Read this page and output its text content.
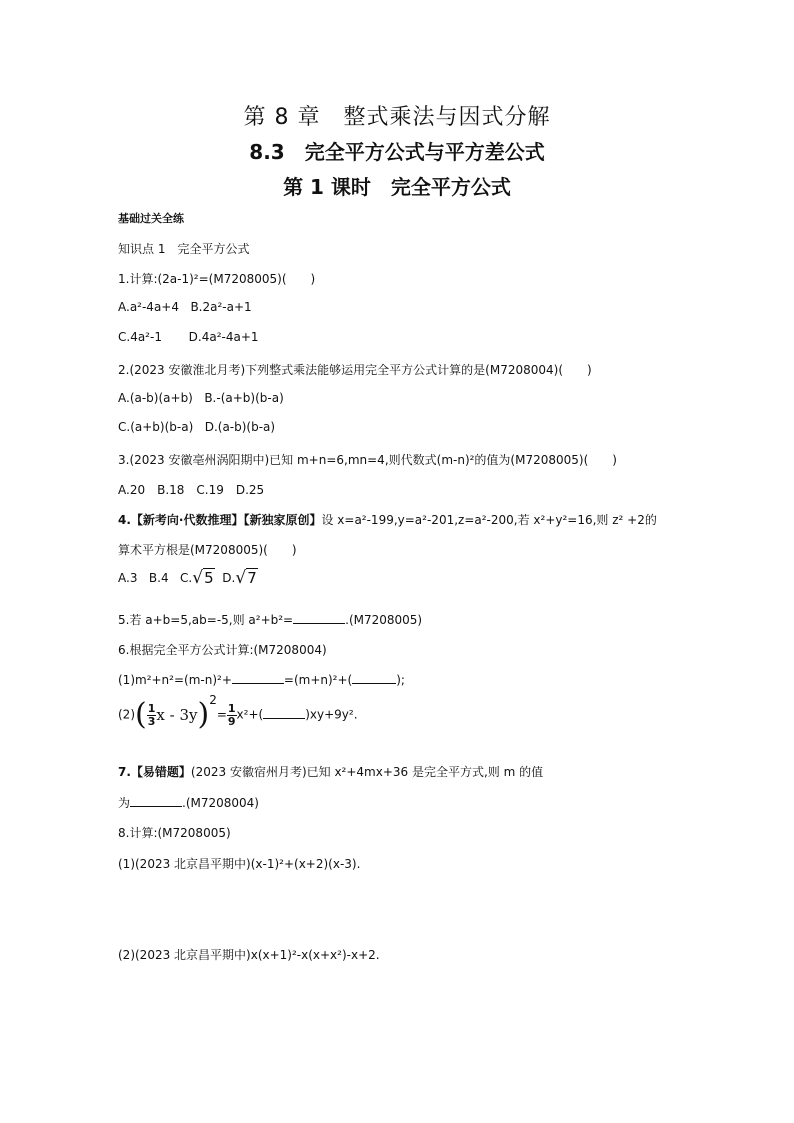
第 8 章　整式乘法与因式分解
8.3　完全平方公式与平方差公式
第 1 课时　完全平方公式
基础过关全练
知识点 1　完全平方公式
1.计算:(2a-1)²=(M7208005)(　　)
A.a²-4a+4 B.2a²-a+1
C.4a²-1 D.4a²-4a+1
2.(2023 安徽淮北月考)下列整式乘法能够运用完全平方公式计算的是(M7208004)(　　)
A.(a-b)(a+b) B.-(a+b)(b-a)
C.(a+b)(b-a) D.(a-b)(b-a)
3.(2023 安徽亳州涡阳期中)已知 m+n=6,mn=4,则代数式(m-n)²的值为(M7208005)(　　)
A.20　B.18　C.19　D.25
4.【新考向·代数推理】【新独家原创】设 x=a²-199,y=a²-201,z=a²-200,若 x²+y²=16,则 z² +2的
算术平方根是(M7208005)(　　)
A.3 B.4 C.√5 D.√7
5.若 a+b=5,ab=-5,则 a²+b²=	.(M7208005)
6.根据完全平方公式计算:(M7208004)
(1)m²+n²=(m-n)²+	=(m+n)²+(	);
$(2)( \frac{1}{3}$ $x - 3y)^2= \frac{1}{9} x^2+$(	)xy+9y².
7.【易错题】(2023 安徽宿州月考)已知 x²+4mx+36 是完全平方式,则 m 的值
为	.(M7208004)
8.计算:(M7208005)
(1)(2023 北京昌平期中)(x-1)²+(x+2)(x-3).
(2)(2023 北京昌平期中)x(x+1)²-x(x+x²)-x+2.
